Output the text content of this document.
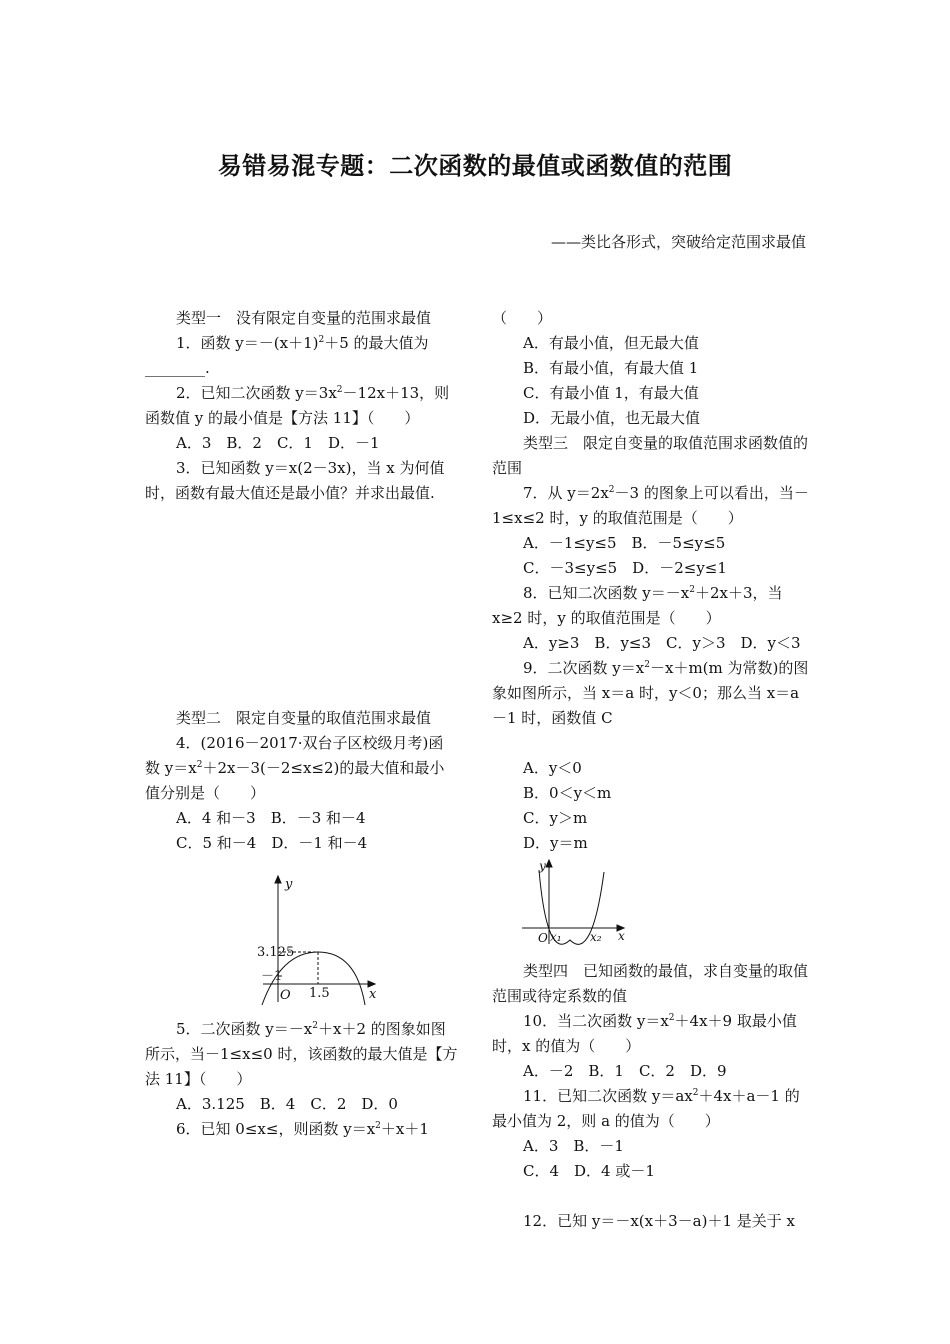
易错易混专题：二次函数的最值或函数值的范围
——类比各形式，突破给定范围求最值

类型一　没有限定自变量的范围求最值

1．函数 $y=-(x+1)^2+5$ 的最大值为________.

2．已知二次函数 $y=3x^2-12x+13$，则函数值 y 的最小值是【方法 11】（　　）

A．3　B．2　C．1　D．－1

3．已知函数 y＝x(2－3x)，当 x 为何值时，函数有最大值还是最小值？并求出最值.

类型二　限定自变量的取值范围求最值

4．(2016－2017·双台子区校级月考)函数 $y=x^2+2x-3(-2\le x\le 2)$的最大值和最小值分别是（　　）

A．4 和－3　B．－3 和－4

C．5 和－4　D．－1 和－4

y
x
O
3.125
－1
1.5

5．二次函数 $y=-x^2+x+2$ 的图象如图所示，当－1≤x≤0 时，该函数的最大值是【方法 11】（　　）

A．3.125　B．4　C．2　D．0

6．已知 0≤x≤，则函数 $y=x^2+x+1$

（　　）

A．有最小值，但无最大值

B．有最小值，有最大值 1

C．有最小值 1，有最大值

D．无最小值，也无最大值

类型三　限定自变量的取值范围求函数值的范围

7．从 $y=2x^2-3$ 的图象上可以看出，当－1≤x≤2 时，y 的取值范围是（　　）

A．－1≤y≤5　B．－5≤y≤5

C．－3≤y≤5　D．－2≤y≤1

8．已知二次函数 $y=-x^2+2x+3$，当 x≥2 时，y 的取值范围是（　　）

A．y≥3　B．y≤3　C．y＞3　D．y＜3

9．二次函数 $y=x^2-x+m(m$ 为常数)的图象如图所示，当 x＝a 时，y＜0；那么当 x＝a－1 时，函数值 C

A．y＜0

B．0＜y＜m

C．y＞m

D．y＝m

y
x
O x₁ x₂

类型四　已知函数的最值，求自变量的取值范围或待定系数的值

10．当二次函数 $y=x^2+4x+9$ 取最小值时，x 的值为（　　）

A．－2　B．1　C．2　D．9

11．已知二次函数 $y=ax^2+4x+a-1$ 的最小值为 2，则 a 的值为（　　）

A．3　B．－1

C．4　D．4 或－1

12．已知 y＝－x(x＋3－a)＋1 是关于 x
